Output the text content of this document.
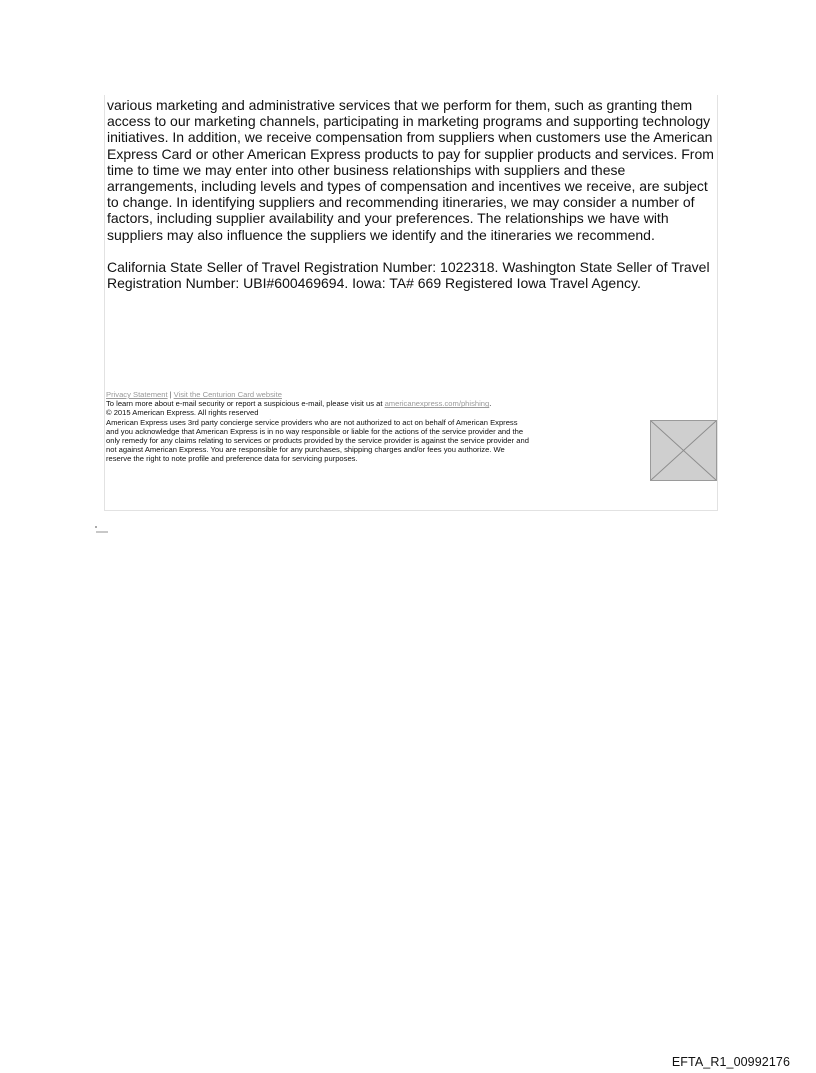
various marketing and administrative services that we perform for them, such as granting them access to our marketing channels, participating in marketing programs and supporting technology initiatives. In addition, we receive compensation from suppliers when customers use the American Express Card or other American Express products to pay for supplier products and services. From time to time we may enter into other business relationships with suppliers and these arrangements, including levels and types of compensation and incentives we receive, are subject to change. In identifying suppliers and recommending itineraries, we may consider a number of factors, including supplier availability and your preferences. The relationships we have with suppliers may also influence the suppliers we identify and the itineraries we recommend.

California State Seller of Travel Registration Number: 1022318. Washington State Seller of Travel Registration Number: UBI#600469694. Iowa: TA# 669 Registered Iowa Travel Agency.

Privacy Statement | Visit the Centurion Card website
To learn more about e-mail security or report a suspicious e-mail, please visit us at americanexpress.com/phishing.
© 2015 American Express. All rights reserved
American Express uses 3rd party concierge service providers who are not authorized to act on behalf of American Express
and you acknowledge that American Express is in no way responsible or liable for the actions of the service provider and the
only remedy for any claims relating to services or products provided by the service provider is against the service provider and
not against American Express. You are responsible for any purchases, shipping charges and/or fees you authorize. We
reserve the right to note profile and preference data for servicing purposes.
EFTA_R1_00992176
